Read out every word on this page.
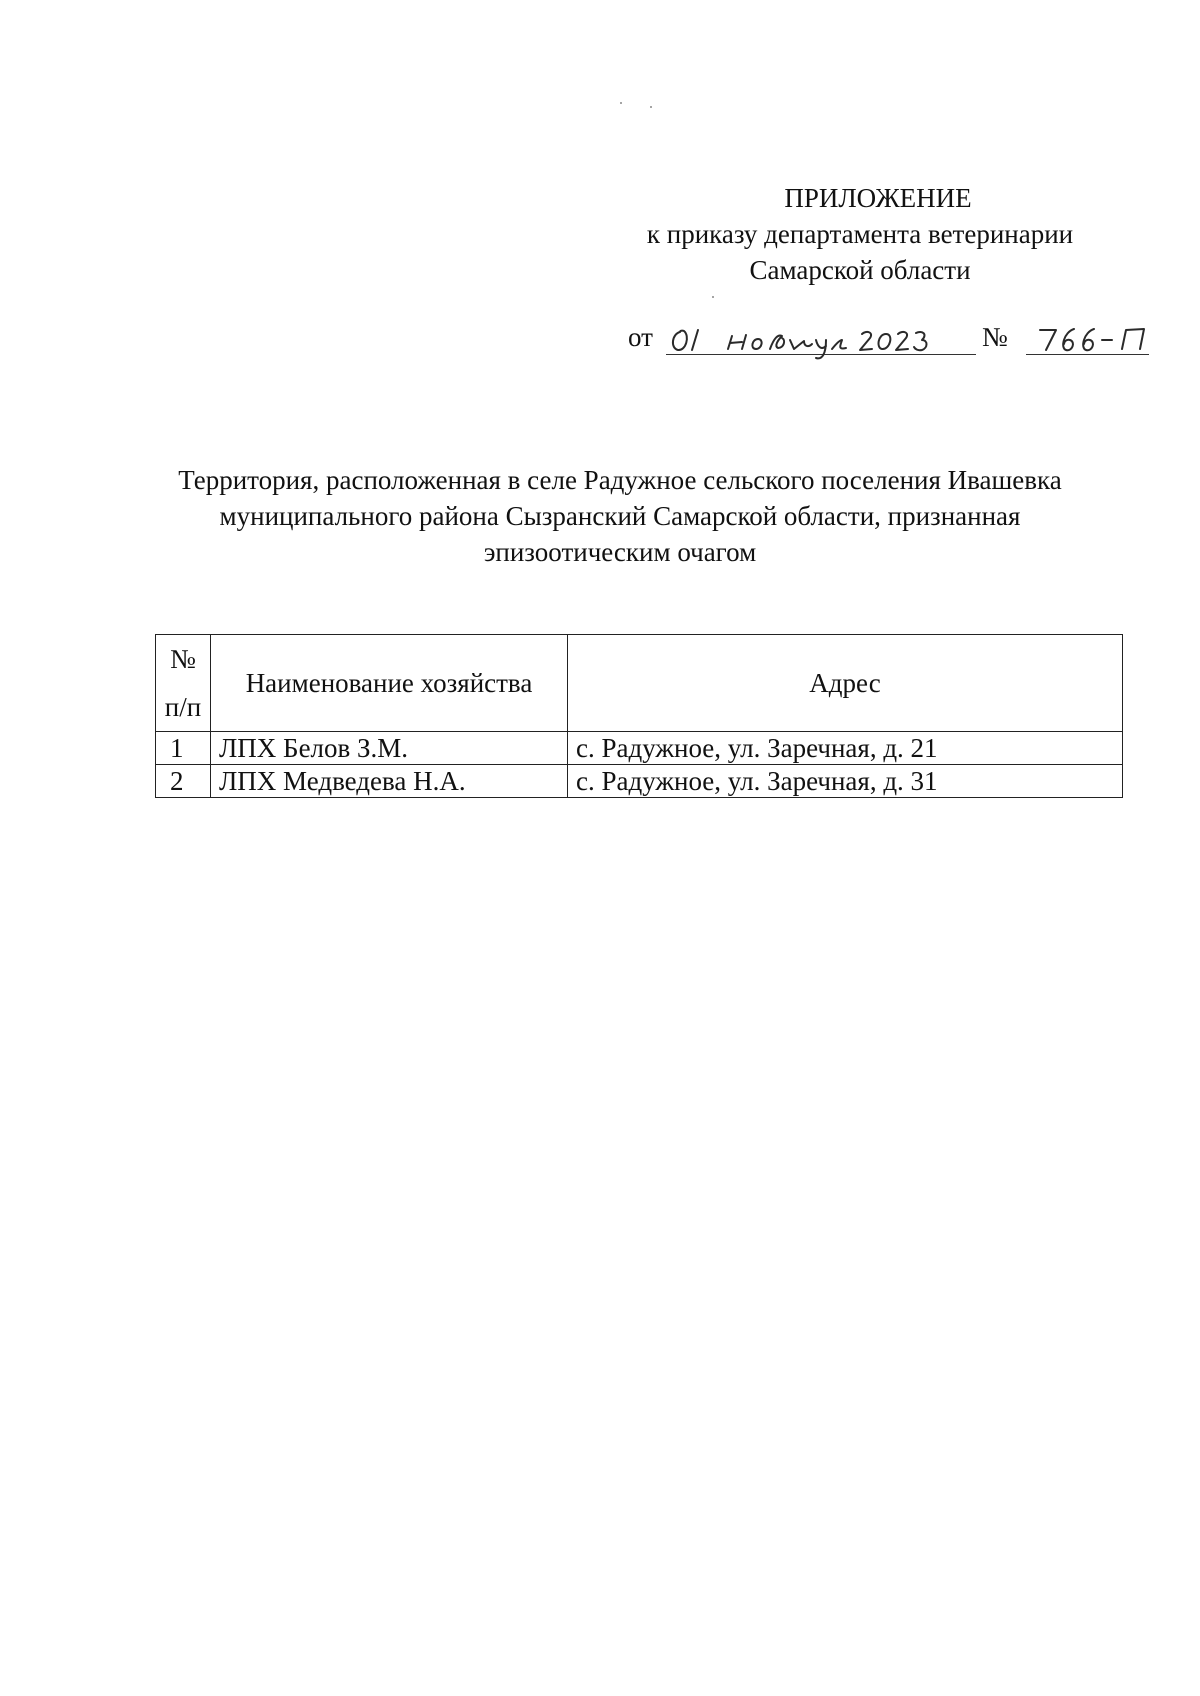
ПРИЛОЖЕНИЕ
к приказу департамента ветеринарии
Самарской области
от	№
Территория, расположенная в селе Радужное сельского поселения Ивашевка
муниципального района Сызранский Самарской области, признанная
эпизоотическим очагом
№
п/п	Наименование хозяйства	Адрес
1	ЛПХ Белов З.М.	с. Радужное, ул. Заречная, д. 21
2	ЛПХ Медведева Н.А.	с. Радужное, ул. Заречная, д. 31
